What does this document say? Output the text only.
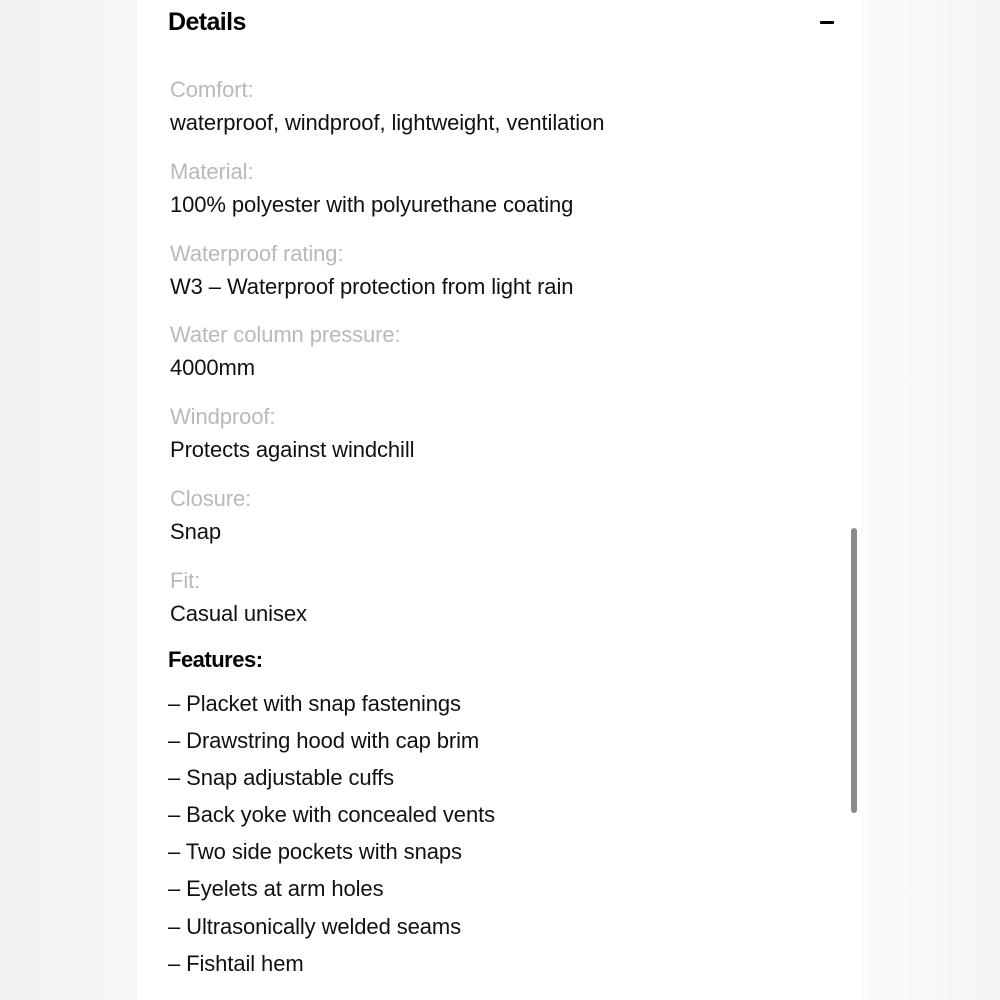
Details
Comfort:
waterproof, windproof, lightweight, ventilation
Material:
100% polyester with polyurethane coating
Waterproof rating:
W3 – Waterproof protection from light rain
Water column pressure:
4000mm
Windproof:
Protects against windchill
Closure:
Snap
Fit:
Casual unisex
Features:
– Placket with snap fastenings
– Drawstring hood with cap brim
– Snap adjustable cuffs
– Back yoke with concealed vents
– Two side pockets with snaps
– Eyelets at arm holes
– Ultrasonically welded seams
– Fishtail hem
